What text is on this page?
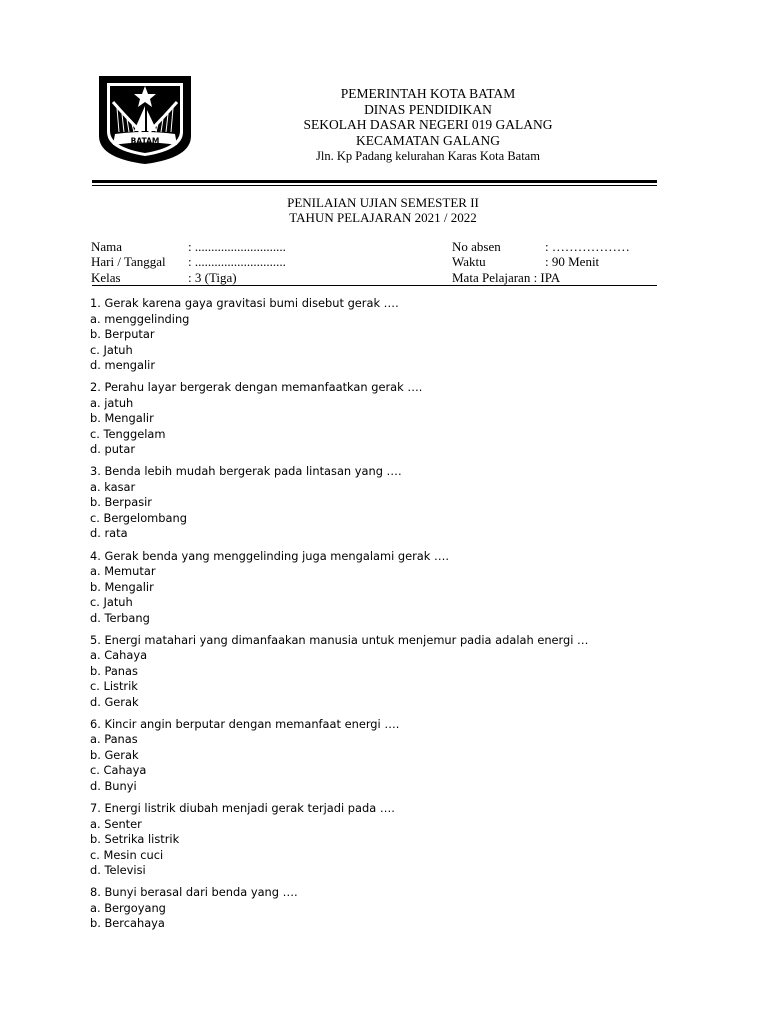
BATAM
PEMERINTAH KOTA BATAM
DINAS PENDIDIKAN
SEKOLAH DASAR NEGERI 019 GALANG
KECAMATAN GALANG
Jln. Kp Padang kelurahan Karas Kota Batam
PENILAIAN UJIAN SEMESTER II
TAHUN PELAJARAN 2021 / 2022
Nama	: ............................
Hari / Tanggal	: ............................
Kelas	: 3 (Tiga)
No absen	: ………………
Waktu	: 90 Menit
Mata Pelajaran : IPA
1. Gerak karena gaya gravitasi bumi disebut gerak ….
a. menggelinding
b. Berputar
c. Jatuh
d. mengalir
2. Perahu layar bergerak dengan memanfaatkan gerak ….
a. jatuh
b. Mengalir
c. Tenggelam
d. putar
3. Benda lebih mudah bergerak pada lintasan yang ….
a. kasar
b. Berpasir
c. Bergelombang
d. rata
4. Gerak benda yang menggelinding juga mengalami gerak ….
a. Memutar
b. Mengalir
c. Jatuh
d. Terbang
5. Energi matahari yang dimanfaakan manusia untuk menjemur padia adalah energi …
a. Cahaya
b. Panas
c. Listrik
d. Gerak
6. Kincir angin berputar dengan memanfaat energi ….
a. Panas
b. Gerak
c. Cahaya
d. Bunyi
7. Energi listrik diubah menjadi gerak terjadi pada ….
a. Senter
b. Setrika listrik
c. Mesin cuci
d. Televisi
8. Bunyi berasal dari benda yang ….
a. Bergoyang
b. Bercahaya
